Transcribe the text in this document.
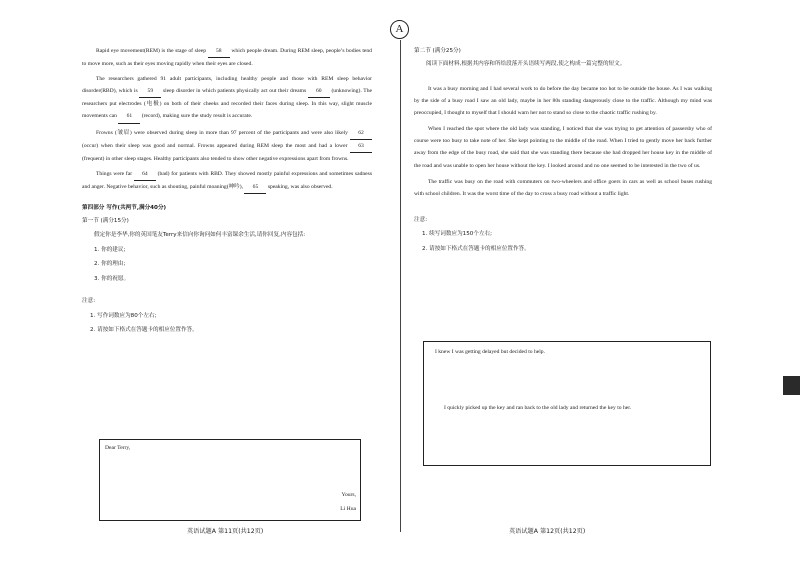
A

Rapid eye movement(REM) is the stage of sleep 58 which people dream. During REM sleep, people’s bodies tend to move more, such as their eyes moving rapidly when their eyes are closed.

The researchers gathered 91 adult participants, including healthy people and those with REM sleep behavior disorder(RBD), which is 59 sleep disorder in which patients physically act out their dreams 60 (unknowing). The researchers put electrodes (电极) on both of their cheeks and recorded their faces during sleep. In this way, slight muscle movements can 61 (record), making sure the study result is accurate.

Frowns (皱眉) were observed during sleep in more than 97 percent of the participants and were also likely 62 (occur) when their sleep was good and normal. Frowns appeared during REM sleep the most and had a lower 63 (frequent) in other sleep stages. Healthy participants also tended to show other negative expressions apart from frowns.

Things were far 64 (bad) for patients with RBD. They showed mostly painful expressions and sometimes sadness and anger. Negative behavior, such as shouting, painful moaning(呻吟), 65 speaking, was also observed.

第四部分 写作(共两节,满分40分)
第一节 (满分15分)
假定你是李华,你的英国笔友Terry来信向你询问如何丰富课余生活,请你回复,内容包括:
1. 你的建议;
2. 你的理由;
3. 你的祝愿。
注意:
1. 写作词数应为80个左右;
2. 请按如下格式在答题卡的相应位置作答。
Dear Terry,
Yours,
Li Hua
英语试题A 第11页(共12页)
第二节 (满分25分)
阅读下面材料,根据其内容和所给段落开头语续写两段,使之构成一篇完整的短文。

It was a busy morning and I had several work to do before the day became too hot to be outside the house. As I was walking by the side of a busy road I saw an old lady, maybe in her 80s standing dangerously close to the traffic. Although my mind was preoccupied, I thought to myself that I should warn her not to stand so close to the chaotic traffic rushing by.

When I reached the spot where the old lady was standing, I noticed that she was trying to get attention of passersby who of course were too busy to take note of her. She kept pointing to the middle of the road. When I tried to gently move her back further away from the edge of the busy road, she said that she was standing there because she had dropped her house key in the middle of the road and was unable to open her house without the key. I looked around and no one seemed to be interested in the two of us.

The traffic was busy on the road with commuters on two-wheelers and office goers in cars as well as school buses rushing with school children. It was the worst time of the day to cross a busy road without a traffic light.

注意:
1. 续写词数应为150个左右;
2. 请按如下格式在答题卡的相应位置作答。
I knew I was getting delayed but decided to help.
I quickly picked up the key and ran back to the old lady and returned the key to her.
英语试题A 第12页(共12页)
